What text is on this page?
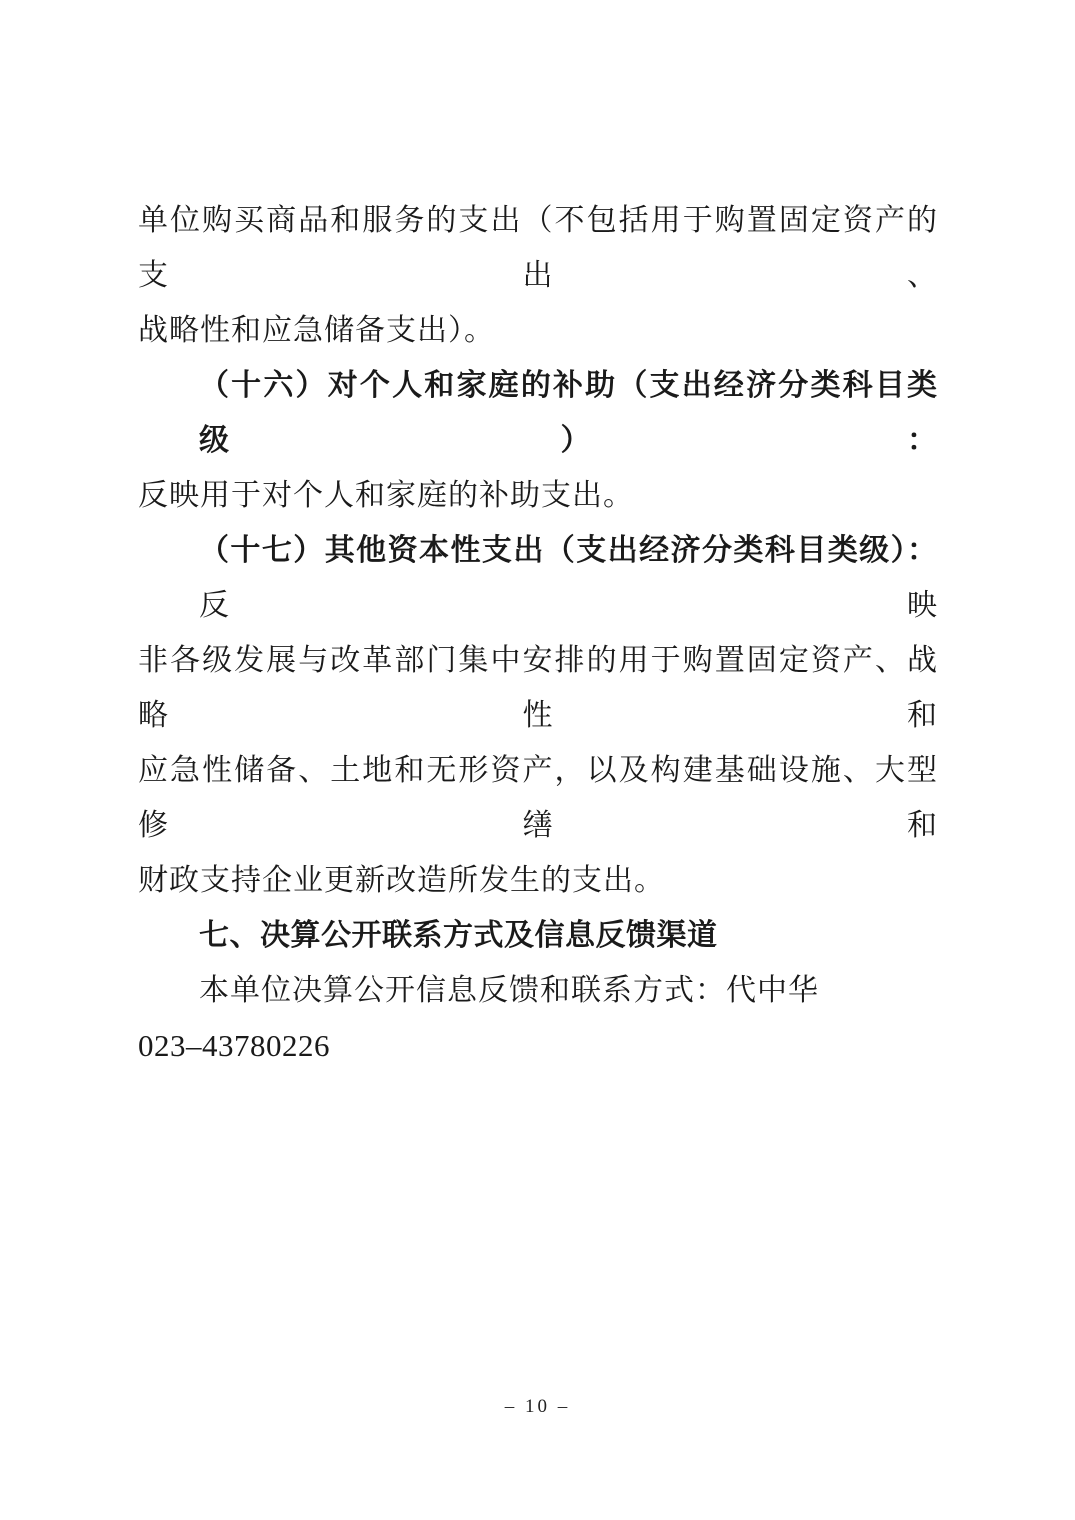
单位购买商品和服务的支出（不包括用于购置固定资产的支出、
战略性和应急储备支出）。
（十六）对个人和家庭的补助（支出经济分类科目类级）：
反映用于对个人和家庭的补助支出。
（十七）其他资本性支出（支出经济分类科目类级）：反映
非各级发展与改革部门集中安排的用于购置固定资产、战略性和
应急性储备、土地和无形资产，以及构建基础设施、大型修缮和
财政支持企业更新改造所发生的支出。
七、决算公开联系方式及信息反馈渠道
本单位决算公开信息反馈和联系方式：代中华
023–43780226
– 10 –
